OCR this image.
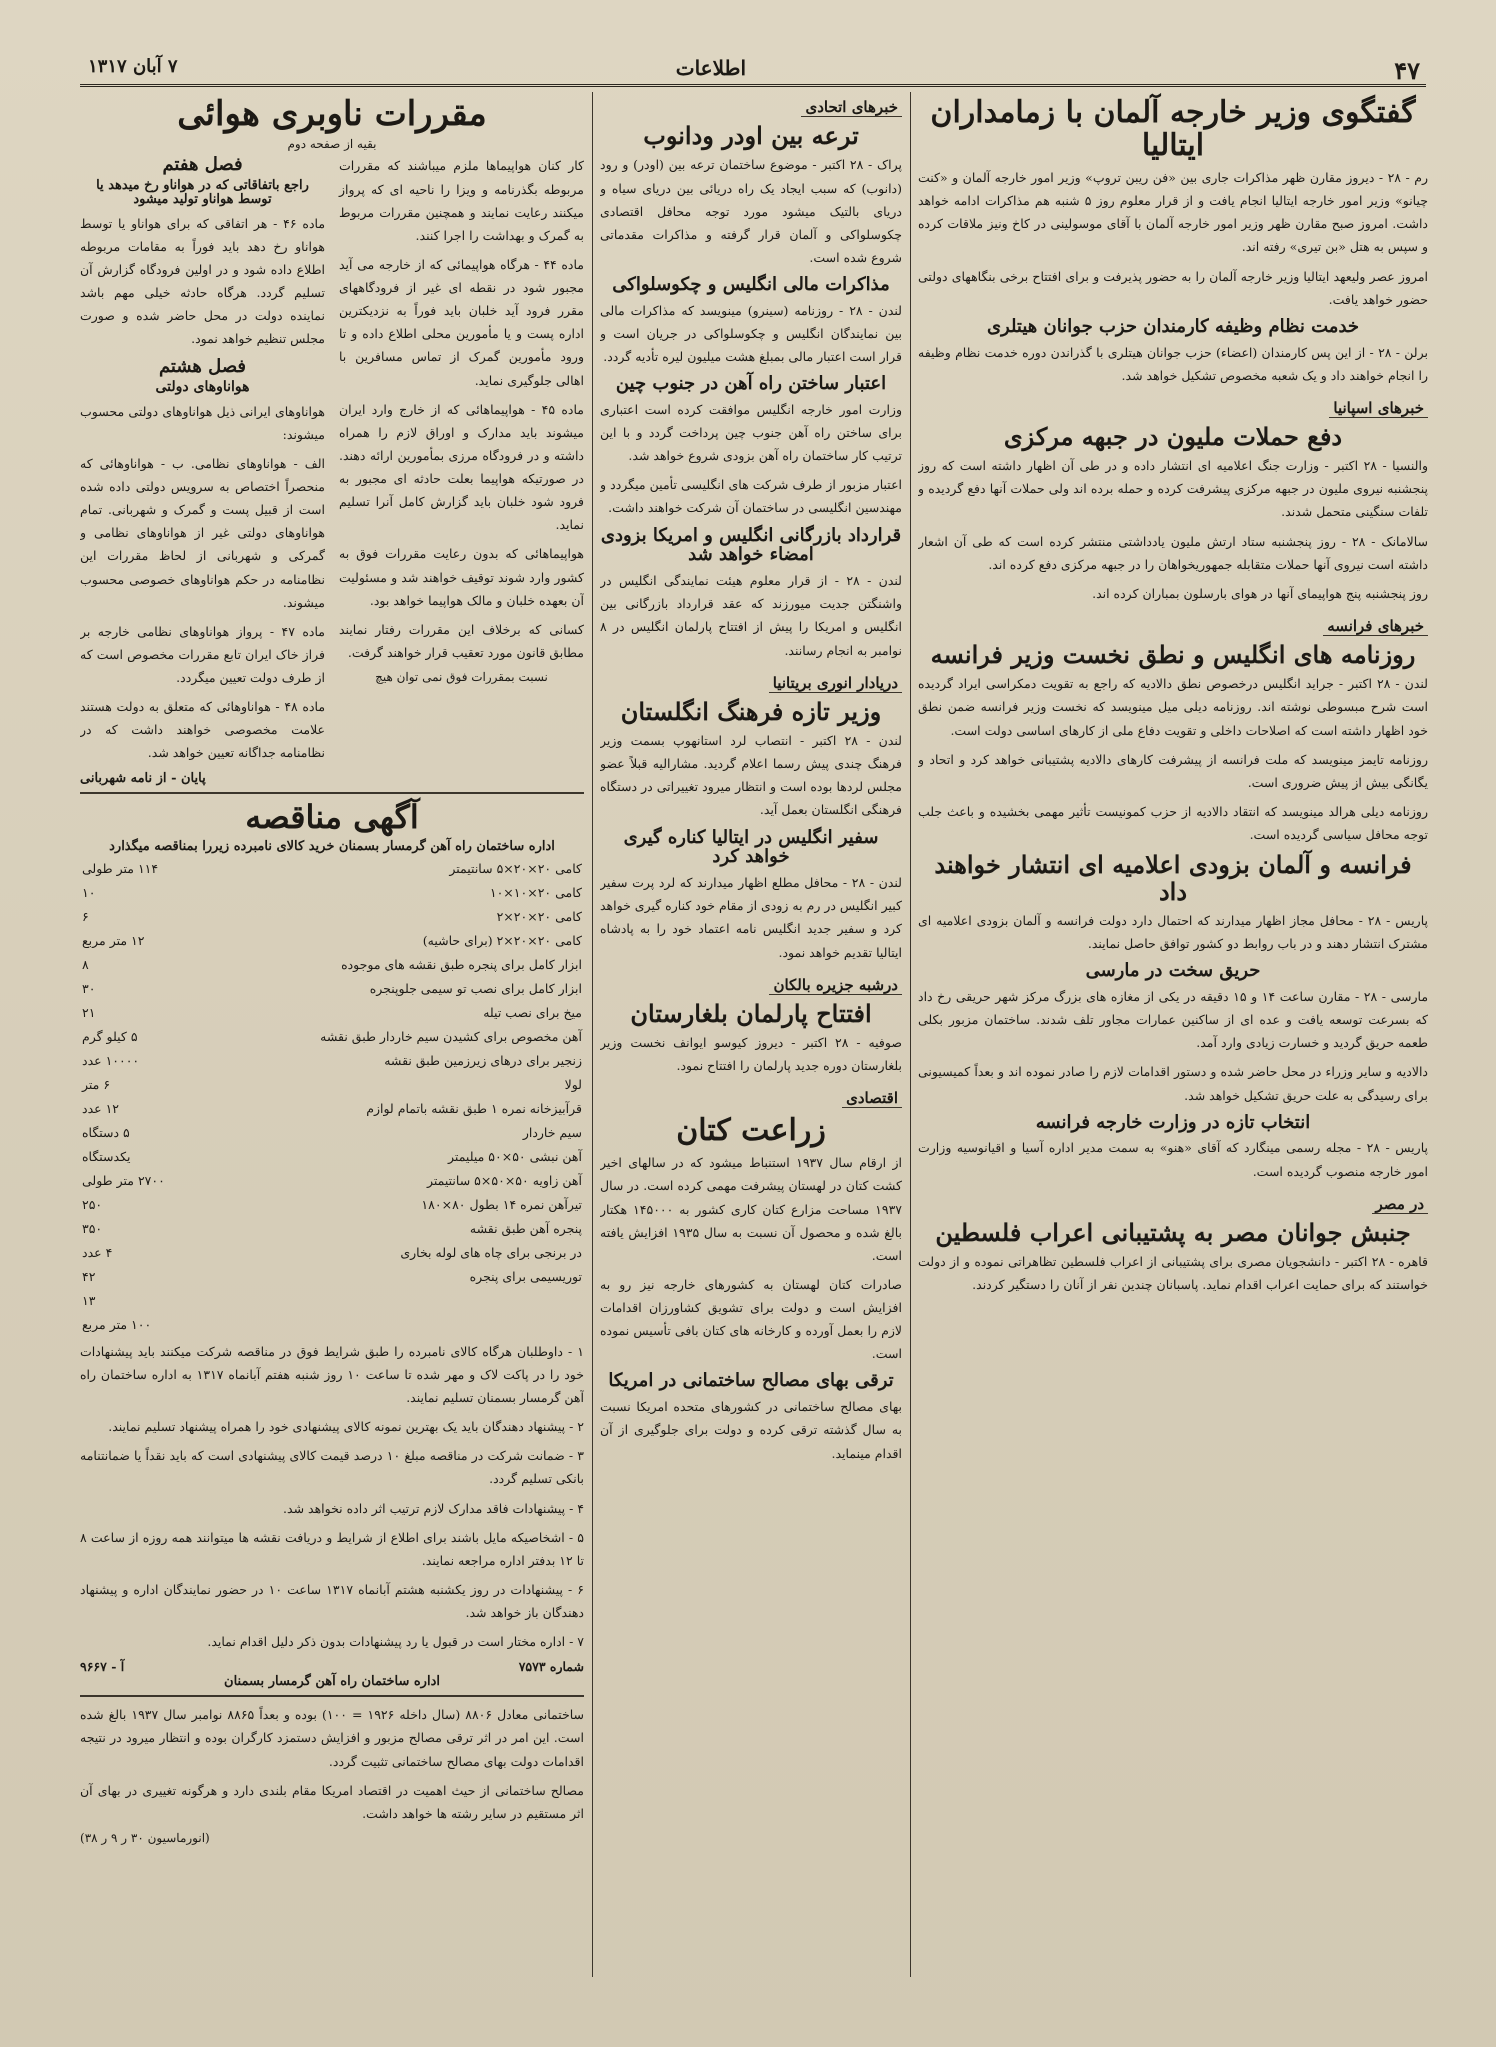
۴۷
اطلاعات
۷ آبان ۱۳۱۷
گفتگوی وزیر خارجه آلمان با زمامداران ایتالیا

رم - ۲۸ - دیروز مقارن ظهر مذاکرات جاری بین «فن ریبن تروپ» وزیر امور خارجه آلمان و «کنت چیانو» وزیر امور خارجه ایتالیا انجام یافت و از قرار معلوم روز ۵ شنبه هم مذاکرات ادامه خواهد داشت. امروز صبح مقارن ظهر وزیر امور خارجه آلمان با آقای موسولینی در کاخ ونیز ملاقات کرده و سپس به هتل «بن تیری» رفته اند.

امروز عصر ولیعهد ایتالیا وزیر خارجه آلمان را به حضور پذیرفت و برای افتتاح برخی بنگاههای دولتی حضور خواهد یافت.

خدمت نظام وظیفه کارمندان حزب جوانان هیتلری

برلن - ۲۸ - از این پس کارمندان (اعضاء) حزب جوانان هیتلری با گذراندن دوره خدمت نظام وظیفه را انجام خواهند داد و یک شعبه مخصوص تشکیل خواهد شد.

خبرهای اسپانیا
دفع حملات ملیون در جبهه مرکزی

والنسیا - ۲۸ اکتبر - وزارت جنگ اعلامیه ای انتشار داده و در طی آن اظهار داشته است که روز پنجشنبه نیروی ملیون در جبهه مرکزی پیشرفت کرده و حمله برده اند ولی حملات آنها دفع گردیده و تلفات سنگینی متحمل شدند.

سالامانک - ۲۸ - روز پنجشنبه ستاد ارتش ملیون یادداشتی منتشر کرده است که طی آن اشعار داشته است نیروی آنها حملات متقابله جمهوریخواهان را در جبهه مرکزی دفع کرده اند.

روز پنجشنبه پنج هواپیمای آنها در هوای بارسلون بمباران کرده اند.

خبرهای فرانسه
روزنامه های انگلیس و نطق نخست وزیر فرانسه

لندن - ۲۸ اکتبر - جراید انگلیس درخصوص نطق دالادیه که راجع به تقویت دمکراسی ایراد گردیده است شرح مبسوطی نوشته اند. روزنامه دیلی میل مینویسد که نخست وزیر فرانسه ضمن نطق خود اظهار داشته است که اصلاحات داخلی و تقویت دفاع ملی از کارهای اساسی دولت است.

روزنامه تایمز مینویسد که ملت فرانسه از پیشرفت کارهای دالادیه پشتیبانی خواهد کرد و اتحاد و یگانگی بیش از پیش ضروری است.

روزنامه دیلی هرالد مینویسد که انتقاد دالادیه از حزب کمونیست تأثیر مهمی بخشیده و باعث جلب توجه محافل سیاسی گردیده است.

فرانسه و آلمان بزودی اعلامیه ای انتشار خواهند داد

پاریس - ۲۸ - محافل مجاز اظهار میدارند که احتمال دارد دولت فرانسه و آلمان بزودی اعلامیه ای مشترک انتشار دهند و در باب روابط دو کشور توافق حاصل نمایند.

حریق سخت در مارسی

مارسی - ۲۸ - مقارن ساعت ۱۴ و ۱۵ دقیقه در یکی از مغازه های بزرگ مرکز شهر حریقی رخ داد که بسرعت توسعه یافت و عده ای از ساکنین عمارات مجاور تلف شدند. ساختمان مزبور بکلی طعمه حریق گردید و خسارت زیادی وارد آمد.

دالادیه و سایر وزراء در محل حاضر شده و دستور اقدامات لازم را صادر نموده اند و بعداً کمیسیونی برای رسیدگی به علت حریق تشکیل خواهد شد.

انتخاب تازه در وزارت خارجه فرانسه

پاریس - ۲۸ - مجله رسمی مینگارد که آقای «هنو» به سمت مدیر اداره آسیا و اقیانوسیه وزارت امور خارجه منصوب گردیده است.

در مصر
جنبش جوانان مصر به پشتیبانی اعراب فلسطین

قاهره - ۲۸ اکتبر - دانشجویان مصری برای پشتیبانی از اعراب فلسطین تظاهراتی نموده و از دولت خواستند که برای حمایت اعراب اقدام نماید. پاسبانان چندین نفر از آنان را دستگیر کردند.

خبرهای اتحادی
ترعه بین اودر ودانوب

پراک - ۲۸ اکتبر - موضوع ساختمان ترعه بین (اودر) و رود (دانوب) که سبب ایجاد یک راه دریائی بین دریای سیاه و دریای بالتیک میشود مورد توجه محافل اقتصادی چکوسلواکی و آلمان قرار گرفته و مذاکرات مقدماتی شروع شده است.

مذاکرات مالی انگلیس و چکوسلواکی

لندن - ۲۸ - روزنامه (سینرو) مینویسد که مذاکرات مالی بین نمایندگان انگلیس و چکوسلواکی در جریان است و قرار است اعتبار مالی بمبلغ هشت میلیون لیره تأدیه گردد.

اعتبار ساختن راه آهن در جنوب چین

وزارت امور خارجه انگلیس موافقت کرده است اعتباری برای ساختن راه آهن جنوب چین پرداخت گردد و با این ترتیب کار ساختمان راه آهن بزودی شروع خواهد شد.

اعتبار مزبور از طرف شرکت های انگلیسی تأمین میگردد و مهندسین انگلیسی در ساختمان آن شرکت خواهند داشت.

قرارداد بازرگانی انگلیس و امریکا بزودی امضاء خواهد شد

لندن - ۲۸ - از قرار معلوم هیئت نمایندگی انگلیس در واشنگتن جدیت میورزند که عقد قرارداد بازرگانی بین انگلیس و امریکا را پیش از افتتاح پارلمان انگلیس در ۸ نوامبر به انجام رسانند.

دریادار انوری بریتانیا
وزیر تازه فرهنگ انگلستان

لندن - ۲۸ اکتبر - انتصاب لرد استانهوپ بسمت وزیر فرهنگ چندی پیش رسما اعلام گردید. مشارالیه قبلاً عضو مجلس لردها بوده است و انتظار میرود تغییراتی در دستگاه فرهنگی انگلستان بعمل آید.

سفیر انگلیس در ایتالیا کناره گیری خواهد کرد

لندن - ۲۸ - محافل مطلع اظهار میدارند که لرد پرت سفیر کبیر انگلیس در رم به زودی از مقام خود کناره گیری خواهد کرد و سفیر جدید انگلیس نامه اعتماد خود را به پادشاه ایتالیا تقدیم خواهد نمود.

درشبه جزیره بالکان
افتتاح پارلمان بلغارستان

صوفیه - ۲۸ اکتبر - دیروز کیوسو ایوانف نخست وزیر بلغارستان دوره جدید پارلمان را افتتاح نمود.

اقتصادی
زراعت کتان

از ارقام سال ۱۹۳۷ استنباط میشود که در سالهای اخیر کشت کتان در لهستان پیشرفت مهمی کرده است. در سال ۱۹۳۷ مساحت مزارع کتان کاری کشور به ۱۴۵۰۰۰ هکتار بالغ شده و محصول آن نسبت به سال ۱۹۳۵ افزایش یافته است.

صادرات کتان لهستان به کشورهای خارجه نیز رو به افزایش است و دولت برای تشویق کشاورزان اقدامات لازم را بعمل آورده و کارخانه های کتان بافی تأسیس نموده است.

ترقی بهای مصالح ساختمانی در امریکا

بهای مصالح ساختمانی در کشورهای متحده امریکا نسبت به سال گذشته ترقی کرده و دولت برای جلوگیری از آن اقدام مینماید.

مقررات ناوبری هوائی
بقیه از صفحه دوم

کار کنان هواپیماها ملزم میباشند که مقررات مربوطه بگذرنامه و ویزا را ناحیه ای که پرواز میکنند رعایت نمایند و همچنین مقررات مربوط به گمرک و بهداشت را اجرا کنند.

ماده ۴۴ - هرگاه هواپیمائی که از خارجه می آید مجبور شود در نقطه ای غیر از فرودگاههای مقرر فرود آید خلبان باید فوراً به نزدیکترین اداره پست و یا مأمورین محلی اطلاع داده و تا ورود مأمورین گمرک از تماس مسافرین با اهالی جلوگیری نماید.

ماده ۴۵ - هواپیماهائی که از خارج وارد ایران میشوند باید مدارک و اوراق لازم را همراه داشته و در فرودگاه مرزی بمأمورین ارائه دهند. در صورتیکه هواپیما بعلت حادثه ای مجبور به فرود شود خلبان باید گزارش کامل آنرا تسلیم نماید.

هواپیماهائی که بدون رعایت مقررات فوق به کشور وارد شوند توقیف خواهند شد و مسئولیت آن بعهده خلبان و مالک هواپیما خواهد بود.

کسانی که برخلاف این مقررات رفتار نمایند مطابق قانون مورد تعقیب قرار خواهند گرفت.

نسبت بمقررات فوق نمی توان هیچ
فصل هفتم
راجع باتفاقاتی که در هواناو رخ میدهد یا توسط هواناو تولید میشود

ماده ۴۶ - هر اتفاقی که برای هواناو یا توسط هواناو رخ دهد باید فوراً به مقامات مربوطه اطلاع داده شود و در اولین فرودگاه گزارش آن تسلیم گردد. هرگاه حادثه خیلی مهم باشد نماینده دولت در محل حاضر شده و صورت مجلس تنظیم خواهد نمود.

فصل هشتم
هواناوهای دولتی

هواناوهای ایرانی ذیل هواناوهای دولتی محسوب میشوند:

الف - هواناوهای نظامی. ب - هواناوهائی که منحصراً اختصاص به سرویس دولتی داده شده است از قبیل پست و گمرک و شهربانی. تمام هواناوهای دولتی غیر از هواناوهای نظامی و گمرکی و شهربانی از لحاظ مقررات این نظامنامه در حکم هواناوهای خصوصی محسوب میشوند.

ماده ۴۷ - پرواز هواناوهای نظامی خارجه بر فراز خاک ایران تابع مقررات مخصوص است که از طرف دولت تعیین میگردد.

ماده ۴۸ - هواناوهائی که متعلق به دولت هستند علامت مخصوصی خواهند داشت که در نظامنامه جداگانه تعیین خواهد شد.

پایان - از نامه شهربانی
آگهی مناقصه
اداره ساختمان راه آهن گرمسار بسمنان خرید کالای نامبرده زیررا بمناقصه میگذارد
کامی ۲۰×۲۰×۵ سانتیمتر	۱۱۴ متر طولی
کامی ۲۰×۱۰×۱۰	۱۰
کامی ۲۰×۲۰×۲	۶
کامی ۲۰×۲۰×۲ (برای حاشیه)	۱۲ متر مربع
ابزار کامل برای پنجره طبق نقشه های موجوده	۸
ابزار کامل برای نصب تو سیمی جلوپنجره	۳۰
میخ برای نصب تیله	۲۱
آهن مخصوص برای کشیدن سیم خاردار طبق نقشه	۵ کیلو گرم
زنجیر برای درهای زیرزمین طبق نقشه	۱۰۰۰۰ عدد
لولا	۶ متر
قرآبیزخانه نمره ۱ طبق نقشه باتمام لوازم	۱۲ عدد
سیم خاردار	۵ دستگاه
آهن نبشی ۵۰×۵۰ میلیمتر	یکدستگاه
آهن زاویه ۵۰×۵۰×۵ سانتیمتر	۲۷۰۰ متر طولی
تیرآهن نمره ۱۴ بطول ۸۰×۱۸۰	۲۵۰
پنجره آهن طبق نقشه	۳۵۰
در برنجی برای چاه های لوله بخاری	۴ عدد
توریسیمی برای پنجره	۴۲
	۱۳
	۱۰۰ متر مربع

۱ - داوطلبان هرگاه کالای نامبرده را طبق شرایط فوق در مناقصه شرکت میکنند باید پیشنهادات خود را در پاکت لاک و مهر شده تا ساعت ۱۰ روز شنبه هفتم آبانماه ۱۳۱۷ به اداره ساختمان راه آهن گرمسار بسمنان تسلیم نمایند.

۲ - پیشنهاد دهندگان باید یک بهترین نمونه کالای پیشنهادی خود را همراه پیشنهاد تسلیم نمایند.

۳ - ضمانت شرکت در مناقصه مبلغ ۱۰ درصد قیمت کالای پیشنهادی است که باید نقداً یا ضمانتنامه بانکی تسلیم گردد.

۴ - پیشنهادات فاقد مدارک لازم ترتیب اثر داده نخواهد شد.

۵ - اشخاصیکه مایل باشند برای اطلاع از شرایط و دریافت نقشه ها میتوانند همه روزه از ساعت ۸ تا ۱۲ بدفتر اداره مراجعه نمایند.

۶ - پیشنهادات در روز یکشنبه هشتم آبانماه ۱۳۱۷ ساعت ۱۰ در حضور نمایندگان اداره و پیشنهاد دهندگان باز خواهد شد.

۷ - اداره مختار است در قبول یا رد پیشنهادات بدون ذکر دلیل اقدام نماید.

شماره ۷۵۷۳
آ - ۹۶۶۷
اداره ساختمان راه آهن گرمسار بسمنان

ساختمانی معادل ۸۸۰۶ (سال داخله ۱۹۲۶ = ۱۰۰) بوده و بعداً ۸۸۶۵ نوامبر سال ۱۹۳۷ بالغ شده است. این امر در اثر ترقی مصالح مزبور و افزایش دستمزد کارگران بوده و انتظار میرود در نتیجه اقدامات دولت بهای مصالح ساختمانی تثبیت گردد.

مصالح ساختمانی از حیث اهمیت در اقتصاد امریکا مقام بلندی دارد و هرگونه تغییری در بهای آن اثر مستقیم در سایر رشته ها خواهد داشت.

(انورماسیون ۳۰ ر ۹ ر ۳۸)
